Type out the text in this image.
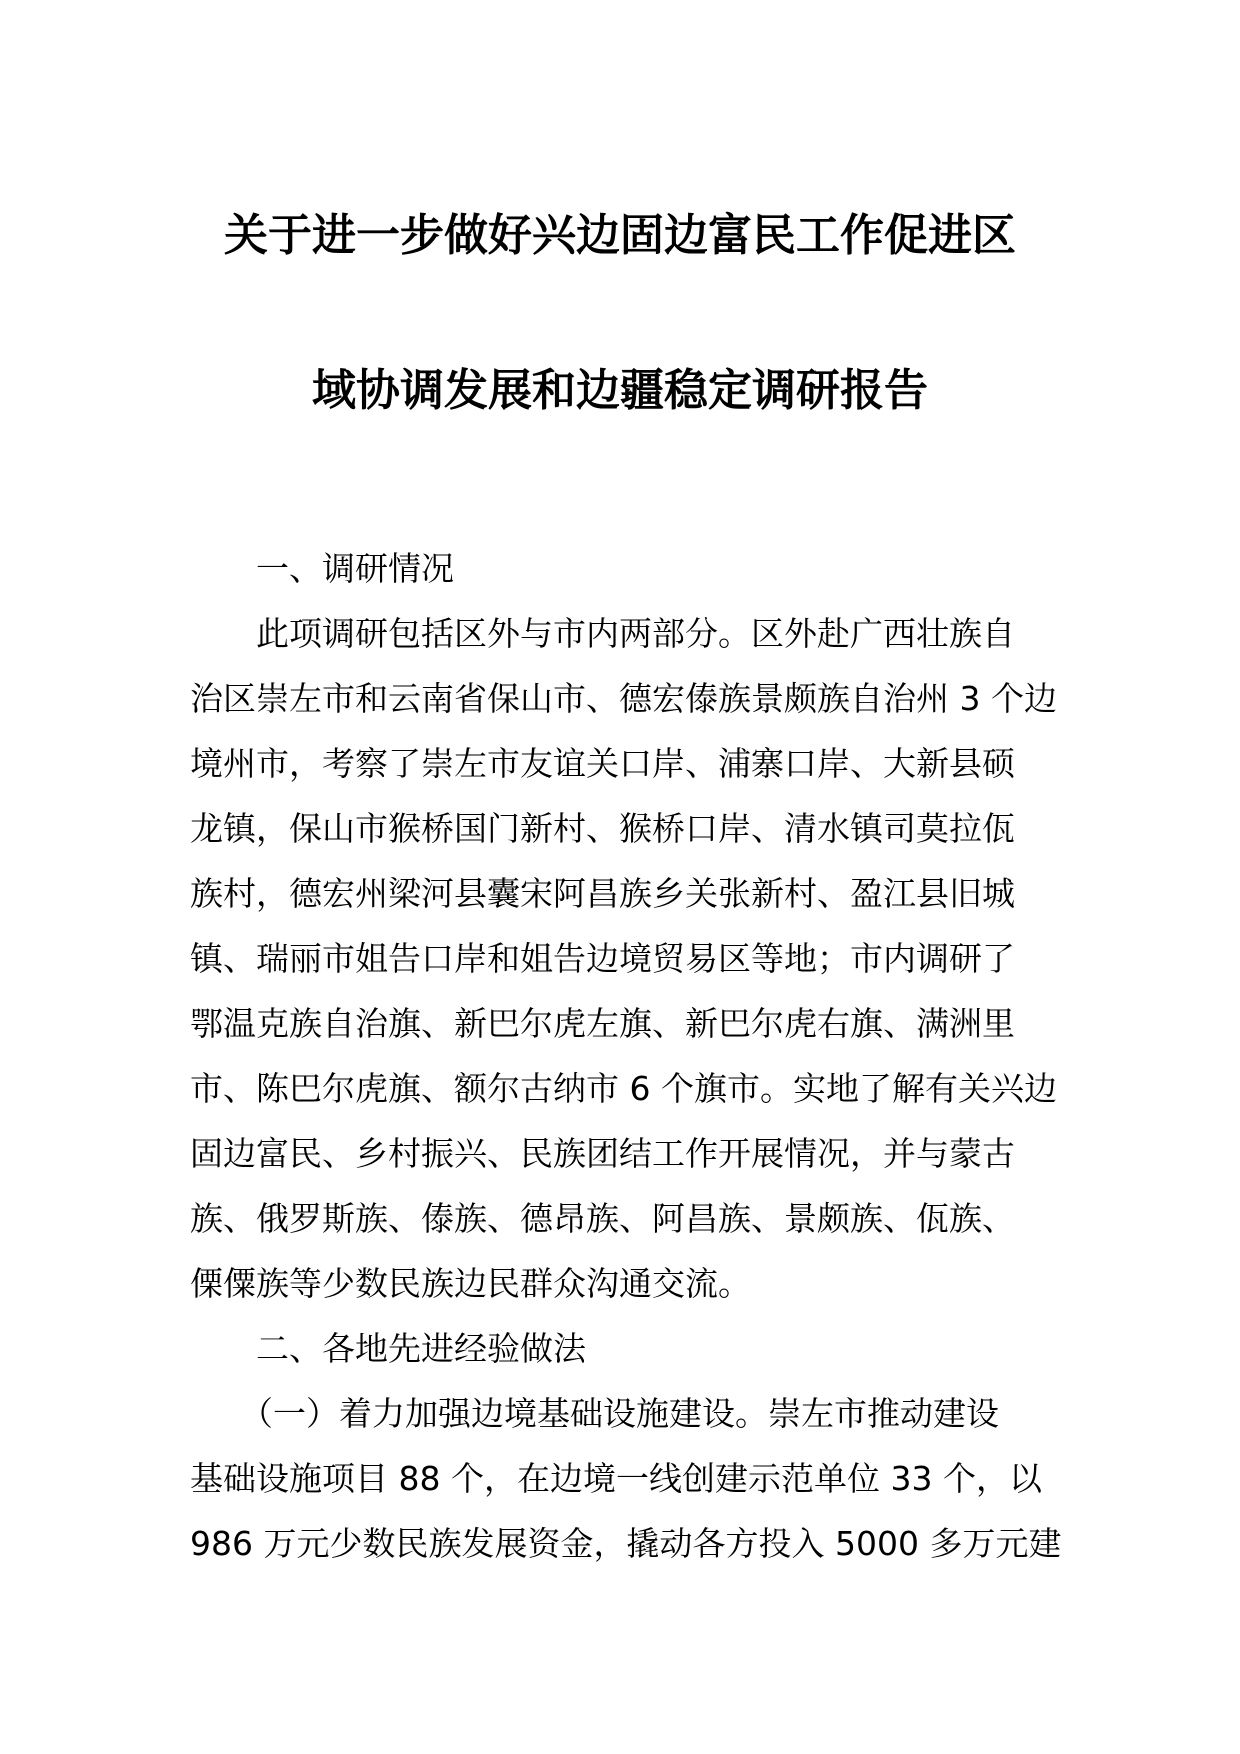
关于进一步做好兴边固边富民工作促进区
域协调发展和边疆稳定调研报告
一、调研情况
此项调研包括区外与市内两部分。区外赴广西壮族自
治区崇左市和云南省保山市、德宏傣族景颇族自治州 3 个边
境州市，考察了崇左市友谊关口岸、浦寨口岸、大新县硕
龙镇，保山市猴桥国门新村、猴桥口岸、清水镇司莫拉佤
族村，德宏州梁河县囊宋阿昌族乡关张新村、盈江县旧城
镇、瑞丽市姐告口岸和姐告边境贸易区等地；市内调研了
鄂温克族自治旗、新巴尔虎左旗、新巴尔虎右旗、满洲里
市、陈巴尔虎旗、额尔古纳市 6 个旗市。实地了解有关兴边
固边富民、乡村振兴、民族团结工作开展情况，并与蒙古
族、俄罗斯族、傣族、德昂族、阿昌族、景颇族、佤族、
傈僳族等少数民族边民群众沟通交流。
二、各地先进经验做法
（一）着力加强边境基础设施建设。崇左市推动建设
基础设施项目 88 个，在边境一线创建示范单位 33 个，以
986 万元少数民族发展资金，撬动各方投入 5000 多万元建
